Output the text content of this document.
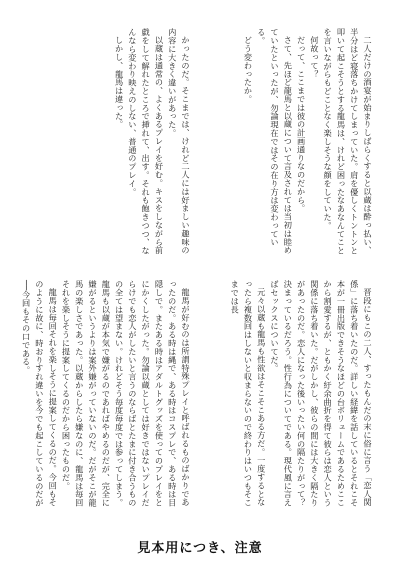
二人だけの酒宴が始まりしばらくすると以蔵は酔っ払い、半分はど寝落ちかけてしまっていた。肩を優しくトントンと叩いて起こそうとする龍馬は、けれど困ったなあなんてことを言いながらもどことなく楽しそうな顔をしていた。

何故って？

だって、ここまでは彼の計画通りなのだから。

さて、先ほど龍馬と以蔵について言及されては当初は睦めていたといったが、勿論現在ではその在り方は変わっている。

どう変わったか。

晋段にもこの二人、すったもんだの末に俗に言う「恋人関係」に落ち着いたのだ。詳しい経緯を話しているとそれこそ本が一冊出版できそうなほどの台ボリュームであるためここから割愛するが、ともかく紆余曲折を得て彼らは恋人という関係に落ち着いた。だがしかし、彼らの間には大きく隔たりがあったのだ。恋人になった後いったい何の隔たりがって？ 決まっているだろう。性行為についてである。現代風に言えばセックスについてだ。

元々以蔵も龍馬も性欲はそこそこある方だ。一度するとなったら複数回はしないと収まらないので終わりはいつもそこまでは長

かったのだ。そこまでは、けれど二人には好ましい趣味の内容に大きく違いがあった。

以蔵は通常の、よくあるプレイを好む。キスをしながら前戯をして解れたところで挿れて、出す。それも飽きつつ、なんなら変わり映えのしない、普通のプレイ。

しかし、龍馬は違った。

龍馬が好むのは所謂特殊プレイと呼ばれるものばかりであったのだ。ある時は縄で、ある時はコスプレで、ある時は目隠しで。またある時はアダルトグッズを使ってのプレイをとにかくしたがった。勿論以蔵としては好きではないプレイだらけでも恋人がしたいと言うのならばとたまに付き合うものの全ては望まない。けれどそう毎度毎度では参ってしまう。龍馬も以蔵が本気で嫌がるのであればやめるのだが、完全に嫌がるというよりは案外嫌がっていないのだ。だがそこが龍馬の楽しさであった。以蔵からしたら嫌なのに、龍馬は毎回それを楽しそうに提案してくるのだから困ったものだ。

龍馬は毎回それを楽しそうに提案してくるのだ。今回もそのように故に、時おりすれ違いを今でも起こしているのだが──今回もその口である。

見本用につき、注意
